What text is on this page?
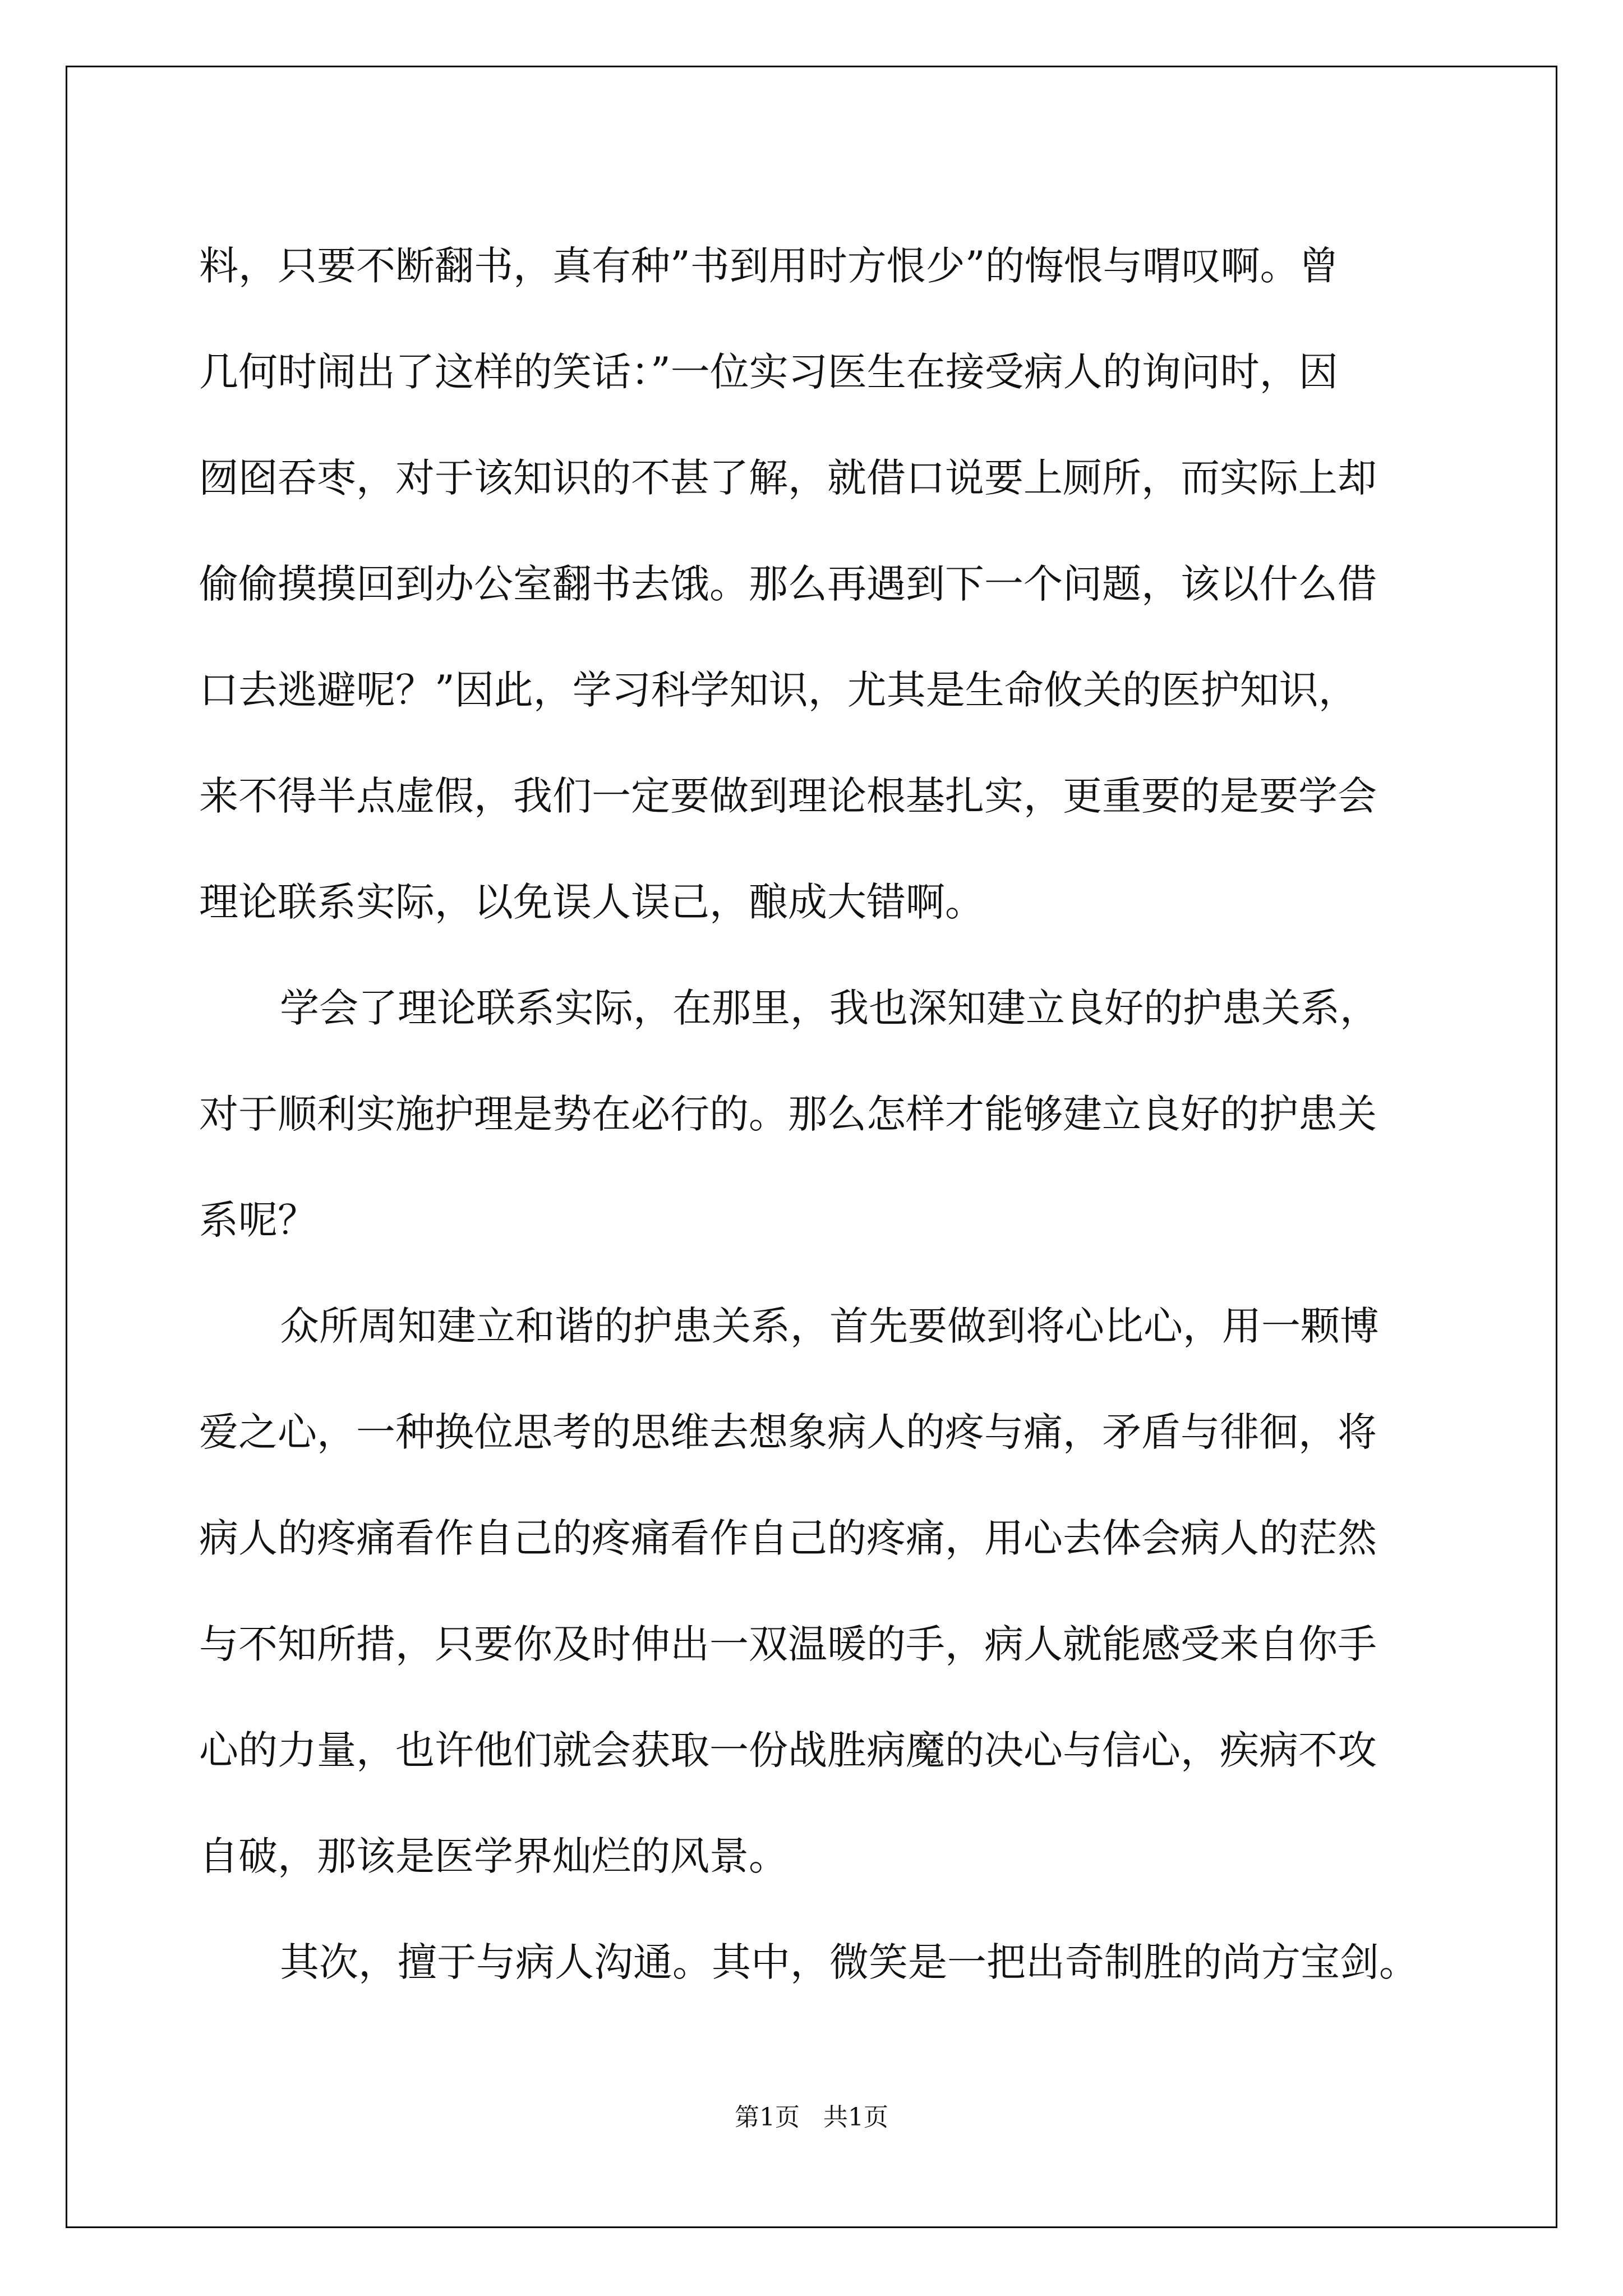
料，只要不断翻书，真有种”书到用时方恨少”的悔恨与喟叹啊。曾
几何时闹出了这样的笑话：”一位实习医生在接受病人的询问时，因
囫囵吞枣，对于该知识的不甚了解，就借口说要上厕所，而实际上却
偷偷摸摸回到办公室翻书去饿。那么再遇到下一个问题，该以什么借
口去逃避呢？”因此，学习科学知识，尤其是生命攸关的医护知识，
来不得半点虚假，我们一定要做到理论根基扎实，更重要的是要学会
理论联系实际，以免误人误己，酿成大错啊。

学会了理论联系实际，在那里，我也深知建立良好的护患关系，
对于顺利实施护理是势在必行的。那么怎样才能够建立良好的护患关
系呢？

众所周知建立和谐的护患关系，首先要做到将心比心，用一颗博
爱之心，一种换位思考的思维去想象病人的疼与痛，矛盾与徘徊，将
病人的疼痛看作自己的疼痛看作自己的疼痛，用心去体会病人的茫然
与不知所措，只要你及时伸出一双温暖的手，病人就能感受来自你手
心的力量，也许他们就会获取一份战胜病魔的决心与信心，疾病不攻
自破，那该是医学界灿烂的风景。

其次，擅于与病人沟通。其中，微笑是一把出奇制胜的尚方宝剑。

第1页 共1页
